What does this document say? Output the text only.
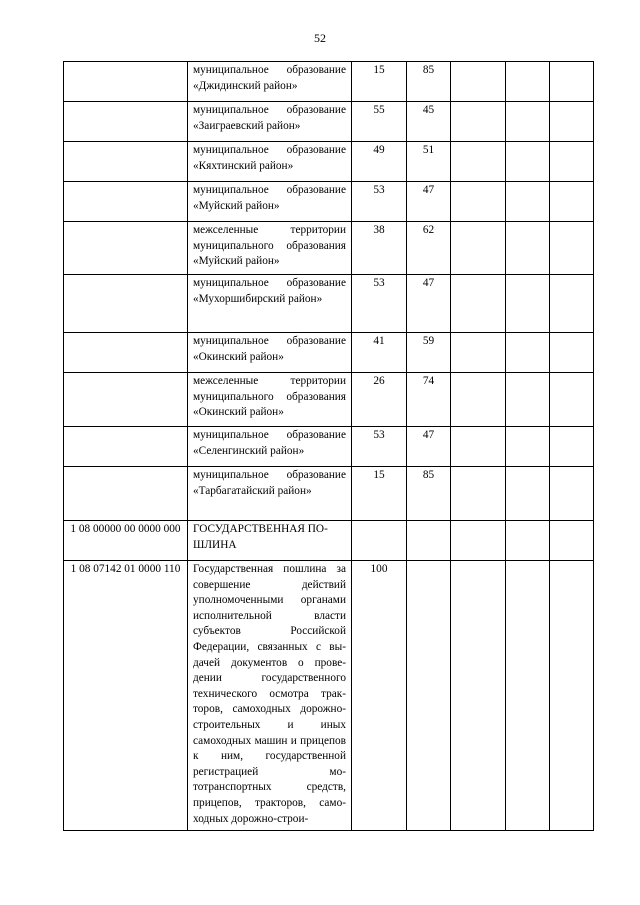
52
	муниципальное образование «Джидинский район»	15	85			
	муниципальное образование «Заиграевский район»	55	45			
	муниципальное образование «Кяхтинский район»	49	51			
	муниципальное образование «Муйский район»	53	47			
	межселенные территории муниципального образования «Муйский район»	38	62			
	муниципальное образование «Мухоршибирский район»	53	47			
	муниципальное образование «Окинский район»	41	59			
	межселенные территории муниципального образования «Окинский район»	26	74			
	муниципальное образование «Селенгинский район»	53	47			
	муниципальное образование «Тарбагатайский район»	15	85			
1 08 00000 00 0000 000	ГОСУДАРСТВЕННАЯ ПОШЛИНА					
1 08 07142 01 0000 110	Государственная пошлина за совершение действий уполномоченными органами исполнительной власти субъектов Российской Федерации, связанных с выдачей документов о проведении государственного технического осмотра тракторов, самоходных дорожно-строительных и иных самоходных машин и прицепов к ним, государственной регистрацией мототранспортных средств, прицепов, тракторов, самоходных дорожно-строи-	100				
